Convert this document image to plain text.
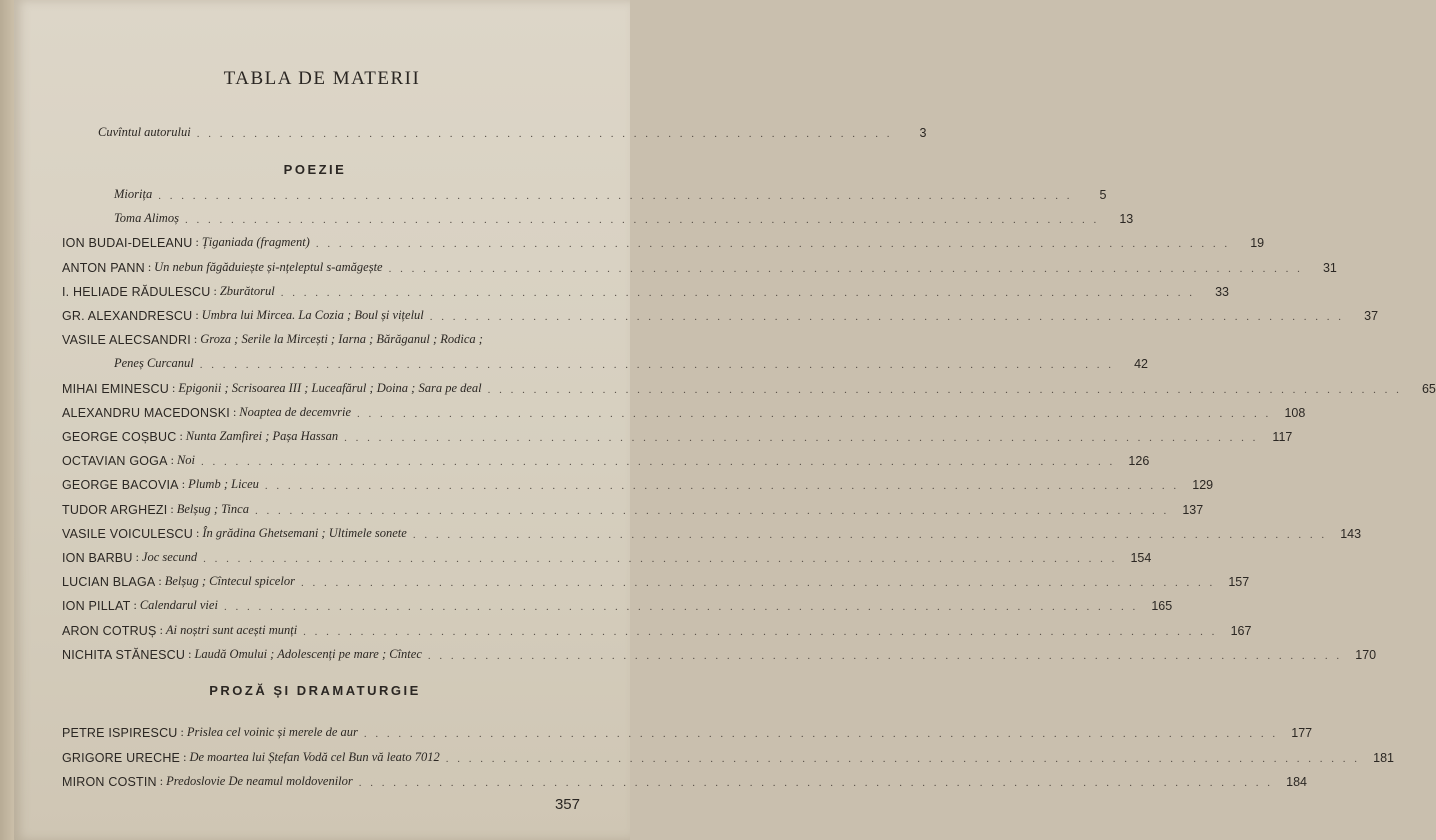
TABLA DE MATERII
Cuvîntul autorului . . . . . . . . . . . . . . . . . . . . . . . . . . . . . . . . . . . . . . . . . . . . . . . . . . . . . . . . . . . . .	3
POEZIE
Miorița . . . . . . . . . . . . . . . . . . . . . . . . . . . . . . . . . . . . . . . . . . . . . . . . . . . . . . . . . . . . . . . . . . . . . . . . . . . . . . . .	5
Toma Alimoș . . . . . . . . . . . . . . . . . . . . . . . . . . . . . . . . . . . . . . . . . . . . . . . . . . . . . . . . . . . . . . . . . . . . . . . . . . . . . . . .	13
ION BUDAI-DELEANU : Țiganiada (fragment) . . . . . . . . . . . . . . . . . . . . . . . . . . . . . . . . . . . . . . . . . . . . . . . . . . . . . . . . . . . . . . . . . . . . . . . . . . . . . . . .	19
ANTON PANN : Un nebun făgăduiește și-nțeleptul s-amăgește . . . . . . . . . . . . . . . . . . . . . . . . . . . . . . . . . . . . . . . . . . . . . . . . . . . . . . . . . . . . . . . . . . . . . . . . . . . . . . . .	31
I. HELIADE RĂDULESCU : Zburătorul . . . . . . . . . . . . . . . . . . . . . . . . . . . . . . . . . . . . . . . . . . . . . . . . . . . . . . . . . . . . . . . . . . . . . . . . . . . . . . . .	33
GR. ALEXANDRESCU : Umbra lui Mircea. La Cozia ; Boul și vițelul . . . . . . . . . . . . . . . . . . . . . . . . . . . . . . . . . . . . . . . . . . . . . . . . . . . . . . . . . . . . . . . . . . . . . . . . . . . . . . . .	37
VASILE ALECSANDRI : Groza ; Serile la Mircești ; Iarna ; Bărăganul ; Rodica ;
Peneș Curcanul . . . . . . . . . . . . . . . . . . . . . . . . . . . . . . . . . . . . . . . . . . . . . . . . . . . . . . . . . . . . . . . . . . . . . . . . . . . . . . . .	42
MIHAI EMINESCU : Epigonii ; Scrisoarea III ; Luceafărul ; Doina ; Sara pe deal . . . . . . . . . . . . . . . . . . . . . . . . . . . . . . . . . . . . . . . . . . . . . . . . . . . . . . . . . . . . . . . . . . . . . . . . . . . . . . . .	65
ALEXANDRU MACEDONSKI : Noaptea de decemvrie . . . . . . . . . . . . . . . . . . . . . . . . . . . . . . . . . . . . . . . . . . . . . . . . . . . . . . . . . . . . . . . . . . . . . . . . . . . . . . . .	108
GEORGE COȘBUC : Nunta Zamfirei ; Pașa Hassan . . . . . . . . . . . . . . . . . . . . . . . . . . . . . . . . . . . . . . . . . . . . . . . . . . . . . . . . . . . . . . . . . . . . . . . . . . . . . . . .	117
OCTAVIAN GOGA : Noi . . . . . . . . . . . . . . . . . . . . . . . . . . . . . . . . . . . . . . . . . . . . . . . . . . . . . . . . . . . . . . . . . . . . . . . . . . . . . . . .	126
GEORGE BACOVIA : Plumb ; Liceu . . . . . . . . . . . . . . . . . . . . . . . . . . . . . . . . . . . . . . . . . . . . . . . . . . . . . . . . . . . . . . . . . . . . . . . . . . . . . . . .	129
TUDOR ARGHEZI : Belșug ; Tinca . . . . . . . . . . . . . . . . . . . . . . . . . . . . . . . . . . . . . . . . . . . . . . . . . . . . . . . . . . . . . . . . . . . . . . . . . . . . . . . .	137
VASILE VOICULESCU : În grădina Ghetsemani ; Ultimele sonete . . . . . . . . . . . . . . . . . . . . . . . . . . . . . . . . . . . . . . . . . . . . . . . . . . . . . . . . . . . . . . . . . . . . . . . . . . . . . . . .	143
ION BARBU : Joc secund . . . . . . . . . . . . . . . . . . . . . . . . . . . . . . . . . . . . . . . . . . . . . . . . . . . . . . . . . . . . . . . . . . . . . . . . . . . . . . . .	154
LUCIAN BLAGA : Belșug ; Cîntecul spicelor . . . . . . . . . . . . . . . . . . . . . . . . . . . . . . . . . . . . . . . . . . . . . . . . . . . . . . . . . . . . . . . . . . . . . . . . . . . . . . . .	157
ION PILLAT : Calendarul viei . . . . . . . . . . . . . . . . . . . . . . . . . . . . . . . . . . . . . . . . . . . . . . . . . . . . . . . . . . . . . . . . . . . . . . . . . . . . . . . .	165
ARON COTRUȘ : Ai noștri sunt acești munți . . . . . . . . . . . . . . . . . . . . . . . . . . . . . . . . . . . . . . . . . . . . . . . . . . . . . . . . . . . . . . . . . . . . . . . . . . . . . . . .	167
NICHITA STĂNESCU : Laudă Omului ; Adolescenți pe mare ; Cîntec . . . . . . . . . . . . . . . . . . . . . . . . . . . . . . . . . . . . . . . . . . . . . . . . . . . . . . . . . . . . . . . . . . . . . . . . . . . . . . . .	170
PROZĂ ȘI DRAMATURGIE
PETRE ISPIRESCU : Prislea cel voinic și merele de aur . . . . . . . . . . . . . . . . . . . . . . . . . . . . . . . . . . . . . . . . . . . . . . . . . . . . . . . . . . . . . . . . . . . . . . . . . . . . . . . .	177
GRIGORE URECHE : De moartea lui Ștefan Vodă cel Bun vă leato 7012 . . . . . . . . . . . . . . . . . . . . . . . . . . . . . . . . . . . . . . . . . . . . . . . . . . . . . . . . . . . . . . . . . . . . . . . . . . . . . . . .	181
MIRON COSTIN : Predoslovie De neamul moldovenilor . . . . . . . . . . . . . . . . . . . . . . . . . . . . . . . . . . . . . . . . . . . . . . . . . . . . . . . . . . . . . . . . . . . . . . . . . . . . . . . .	184
357
